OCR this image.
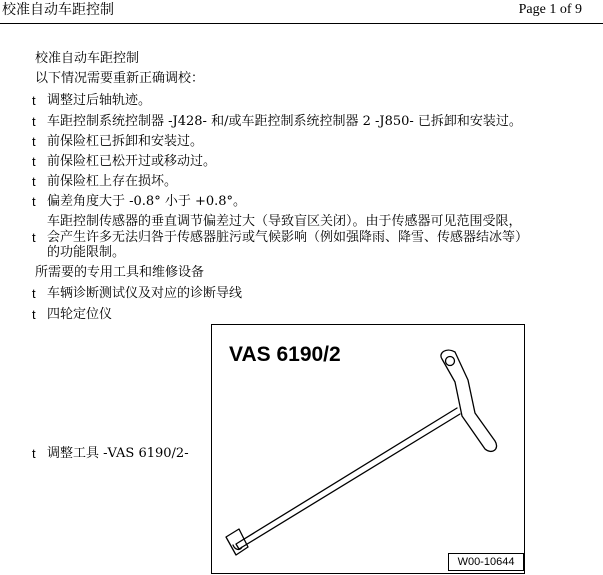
校准自动车距控制	Page 1 of 9
校准自动车距控制
以下情况需要重新正确调校：
t 调整过后轴轨迹。
t 车距控制系统控制器 -J428- 和/或车距控制系统控制器 2 -J850- 已拆卸和安装过。
t 前保险杠已拆卸和安装过。
t 前保险杠已松开过或移动过。
t 前保险杠上存在损坏。
t 偏差角度大于 -0.8° 小于 +0.8°。
车距控制传感器的垂直调节偏差过大（导致盲区关闭）。由于传感器可见范围受限，
t 会产生许多无法归咎于传感器脏污或气候影响（例如强降雨、降雪、传感器结冰等）
的功能限制。
所需要的专用工具和维修设备
t 车辆诊断测试仪及对应的诊断导线
t 四轮定位仪
t 调整工具 -VAS 6190/2-
VAS 6190/2
W00-10644
